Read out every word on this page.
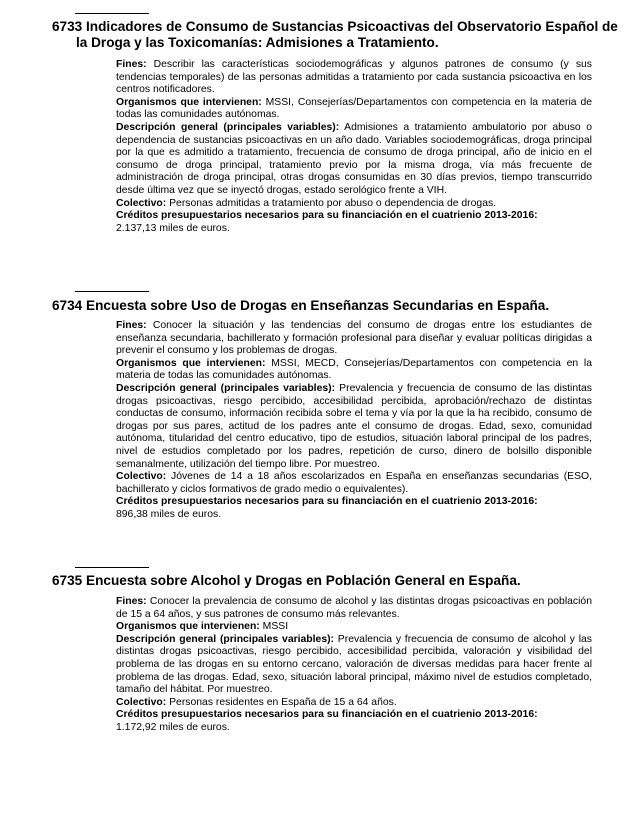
6733 Indicadores de Consumo de Sustancias Psicoactivas del Observatorio Español de la Droga y las Toxicomanías: Admisiones a Tratamiento.

Fines: Describir las características sociodemográficas y algunos patrones de consumo (y sus tendencias temporales) de las personas admitidas a tratamiento por cada sustancia psicoactiva en los centros notificadores.

Organismos que intervienen: MSSI, Consejerías/Departamentos con competencia en la materia de todas las comunidades autónomas.

Descripción general (principales variables): Admisiones a tratamiento ambulatorio por abuso o dependencia de sustancias psicoactivas en un año dado. Variables sociodemográficas, droga principal por la que es admitido a tratamiento, frecuencia de consumo de droga principal, año de inicio en el consumo de droga principal, tratamiento previo por la misma droga, vía más frecuente de administración de droga principal, otras drogas consumidas en 30 días previos, tiempo transcurrido desde última vez que se inyectó drogas, estado serológico frente a VIH.

Colectivo: Personas admitidas a tratamiento por abuso o dependencia de drogas.

Créditos presupuestarios necesarios para su financiación en el cuatrienio 2013-2016:

2.137,13 miles de euros.

6734 Encuesta sobre Uso de Drogas en Enseñanzas Secundarias en España.

Fines: Conocer la situación y las tendencias del consumo de drogas entre los estudiantes de enseñanza secundaria, bachillerato y formación profesional para diseñar y evaluar políticas dirigidas a prevenir el consumo y los problemas de drogas.

Organismos que intervienen: MSSI, MECD, Consejerías/Departamentos con competencia en la materia de todas las comunidades autónomas.

Descripción general (principales variables): Prevalencia y frecuencia de consumo de las distintas drogas psicoactivas, riesgo percibido, accesibilidad percibida, aprobación/rechazo de distintas conductas de consumo, información recibida sobre el tema y vía por la que la ha recibido, consumo de drogas por sus pares, actitud de los padres ante el consumo de drogas. Edad, sexo, comunidad autónoma, titularidad del centro educativo, tipo de estudios, situación laboral principal de los padres, nivel de estudios completado por los padres, repetición de curso, dinero de bolsillo disponible semanalmente, utilización del tiempo libre. Por muestreo.

Colectivo: Jóvenes de 14 a 18 años escolarizados en España en enseñanzas secundarias (ESO, bachillerato y ciclos formativos de grado medio o equivalentes).

Créditos presupuestarios necesarios para su financiación en el cuatrienio 2013-2016:

896,38 miles de euros.

6735 Encuesta sobre Alcohol y Drogas en Población General en España.

Fines: Conocer la prevalencia de consumo de alcohol y las distintas drogas psicoactivas en población de 15 a 64 años, y sus patrones de consumo más relevantes.

Organismos que intervienen: MSSI

Descripción general (principales variables): Prevalencia y frecuencia de consumo de alcohol y las distintas drogas psicoactivas, riesgo percibido, accesibilidad percibida, valoración y visibilidad del problema de las drogas en su entorno cercano, valoración de diversas medidas para hacer frente al problema de las drogas. Edad, sexo, situación laboral principal, máximo nivel de estudios completado, tamaño del hábitat. Por muestreo.

Colectivo: Personas residentes en España de 15 a 64 años.

Créditos presupuestarios necesarios para su financiación en el cuatrienio 2013-2016:

1.172,92 miles de euros.
